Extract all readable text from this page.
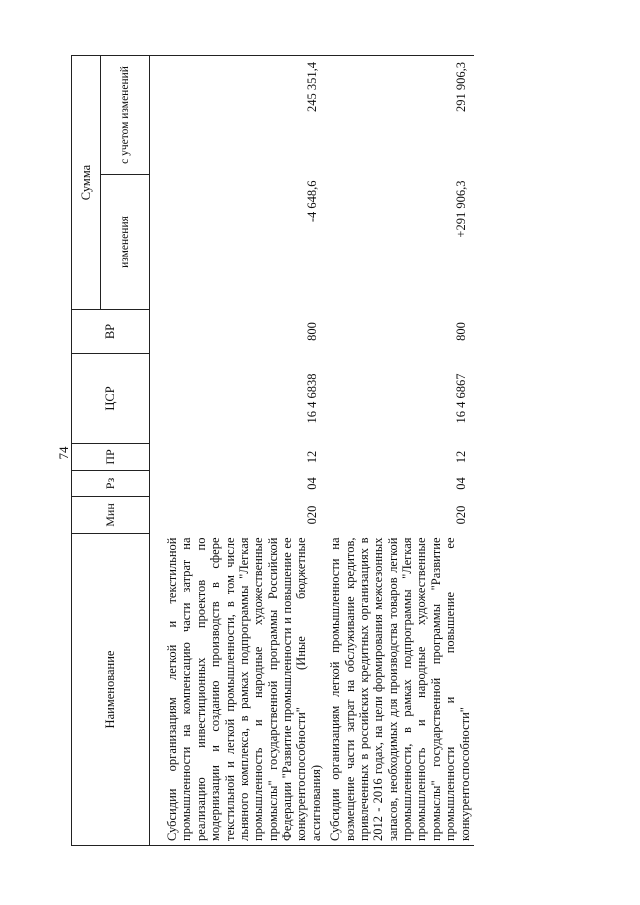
74
Наименование	Мин	Рз	ПР	ЦСР	ВР	Сумма	
						изменения	с учетом изменений

Субсидии организациям легкой и текстильной промышленности на компенсацию части затрат на реализацию инвестиционных проектов по модернизации и созданию производств в сфере текстильной и легкой промышленности, в том числе льняного комплекса, в рамках подпрограммы "Легкая промышленность и народные художественные промыслы" государственной программы Российской Федерации "Развитие промышленности и повышение ее конкурентоспособности" (Иные бюджетные ассигнования)	020	04	12	16 4 6838	800	-4 648,6	245 351,4
Субсидии организациям легкой промышленности на возмещение части затрат на обслуживание кредитов, привлеченных в российских кредитных организациях в 2012 - 2016 годах, на цели формирования межсезонных запасов, необходимых для производства товаров легкой промышленности, в рамках подпрограммы "Легкая промышленность и народные художественные промыслы" государственной программы "Развитие промышленности и повышение ее конкурентоспособности"	020	04	12	16 4 6867	800	+291 906,3	291 906,3
